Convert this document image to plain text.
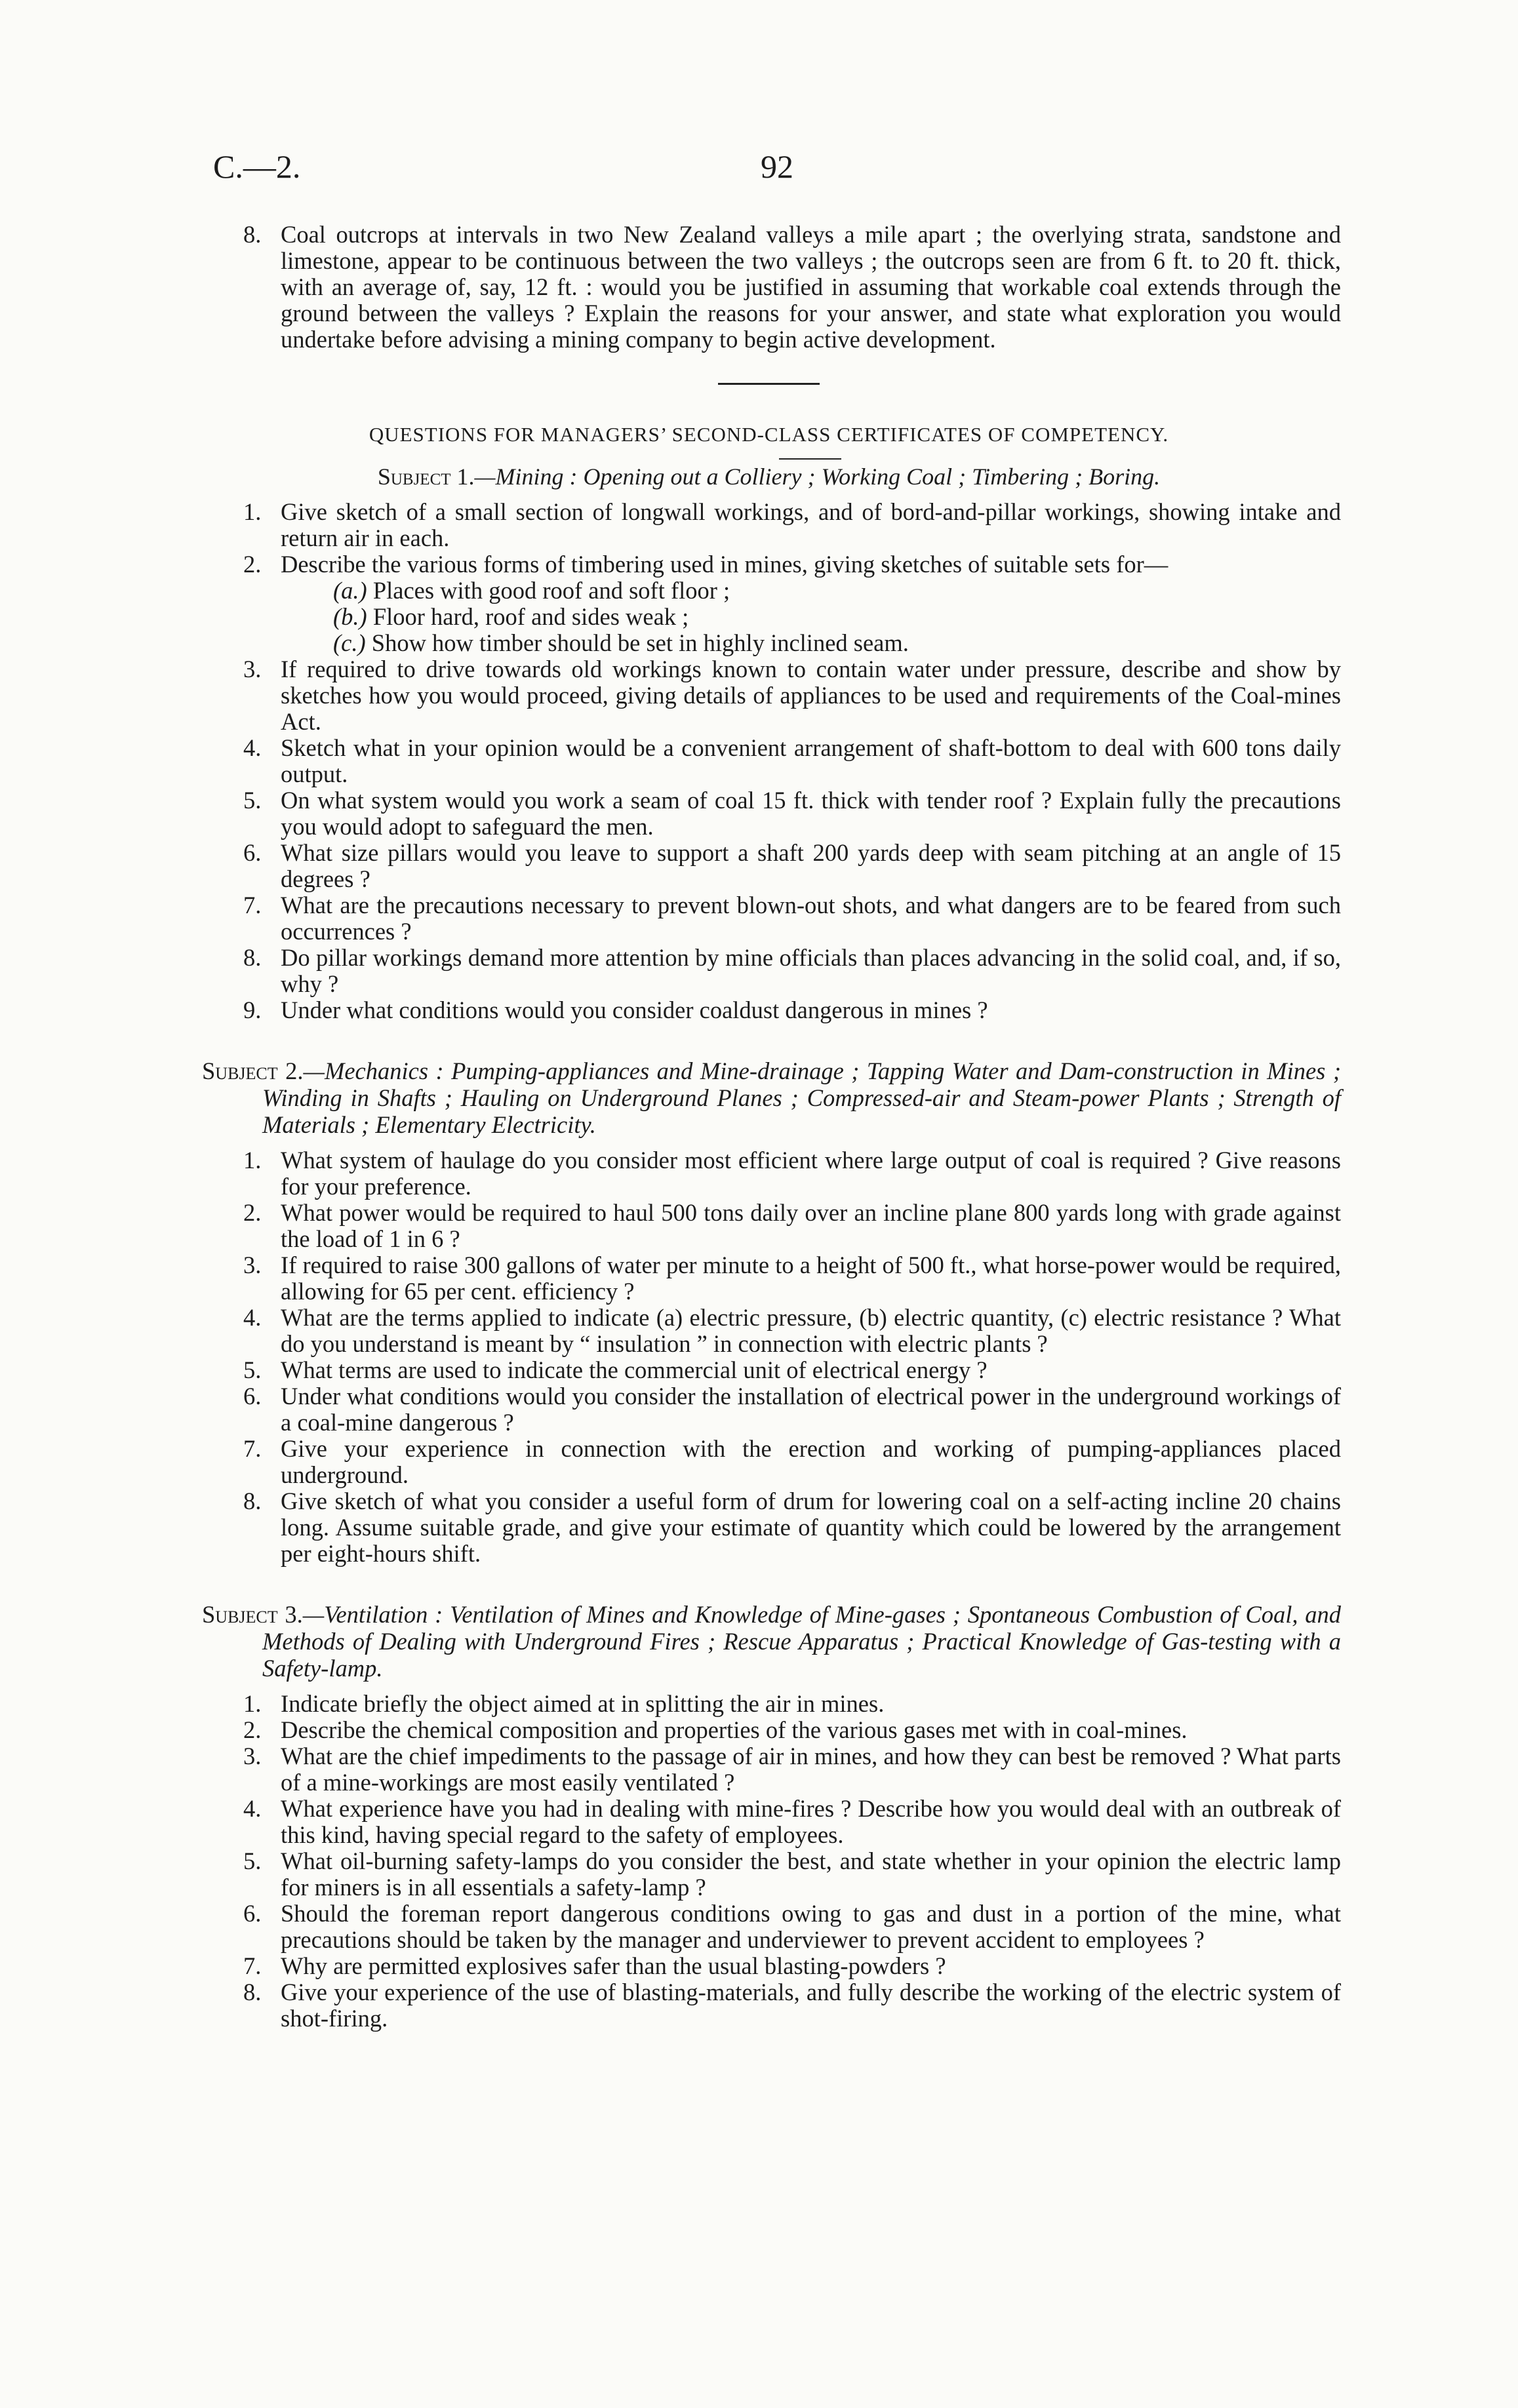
C.—2.	92

8. Coal outcrops at intervals in two New Zealand valleys a mile apart ; the overlying strata, sandstone and limestone, appear to be continuous between the two valleys ; the outcrops seen are from 6 ft. to 20 ft. thick, with an average of, say, 12 ft. : would you be justified in assuming that workable coal extends through the ground between the valleys ? Explain the reasons for your answer, and state what exploration you would undertake before advising a mining company to begin active development.

QUESTIONS FOR MANAGERS’ SECOND-CLASS CERTIFICATES OF COMPETENCY.

Subject 1.—Mining : Opening out a Colliery ; Working Coal ; Timbering ; Boring.

1. Give sketch of a small section of longwall workings, and of bord-and-pillar workings, showing intake and return air in each.

2. Describe the various forms of timbering used in mines, giving sketches of suitable sets for—

(a.) Places with good roof and soft floor ;

(b.) Floor hard, roof and sides weak ;

(c.) Show how timber should be set in highly inclined seam.

3. If required to drive towards old workings known to contain water under pressure, describe and show by sketches how you would proceed, giving details of appliances to be used and requirements of the Coal-mines Act.

4. Sketch what in your opinion would be a convenient arrangement of shaft-bottom to deal with 600 tons daily output.

5. On what system would you work a seam of coal 15 ft. thick with tender roof ? Explain fully the precautions you would adopt to safeguard the men.

6. What size pillars would you leave to support a shaft 200 yards deep with seam pitching at an angle of 15 degrees ?

7. What are the precautions necessary to prevent blown-out shots, and what dangers are to be feared from such occurrences ?

8. Do pillar workings demand more attention by mine officials than places advancing in the solid coal, and, if so, why ?

9. Under what conditions would you consider coaldust dangerous in mines ?

Subject 2.—Mechanics : Pumping-appliances and Mine-drainage ; Tapping Water and Dam-construction in Mines ; Winding in Shafts ; Hauling on Underground Planes ; Compressed-air and Steam-power Plants ; Strength of Materials ; Elementary Electricity.

1. What system of haulage do you consider most efficient where large output of coal is required ? Give reasons for your preference.

2. What power would be required to haul 500 tons daily over an incline plane 800 yards long with grade against the load of 1 in 6 ?

3. If required to raise 300 gallons of water per minute to a height of 500 ft., what horse-power would be required, allowing for 65 per cent. efficiency ?

4. What are the terms applied to indicate (a) electric pressure, (b) electric quantity, (c) electric resistance ? What do you understand is meant by “ insulation ” in connection with electric plants ?

5. What terms are used to indicate the commercial unit of electrical energy ?

6. Under what conditions would you consider the installation of electrical power in the underground workings of a coal-mine dangerous ?

7. Give your experience in connection with the erection and working of pumping-appliances placed underground.

8. Give sketch of what you consider a useful form of drum for lowering coal on a self-acting incline 20 chains long. Assume suitable grade, and give your estimate of quantity which could be lowered by the arrangement per eight-hours shift.

Subject 3.—Ventilation : Ventilation of Mines and Knowledge of Mine-gases ; Spontaneous Combustion of Coal, and Methods of Dealing with Underground Fires ; Rescue Apparatus ; Practical Knowledge of Gas-testing with a Safety-lamp.

1. Indicate briefly the object aimed at in splitting the air in mines.

2. Describe the chemical composition and properties of the various gases met with in coal-mines.

3. What are the chief impediments to the passage of air in mines, and how they can best be removed ? What parts of a mine-workings are most easily ventilated ?

4. What experience have you had in dealing with mine-fires ? Describe how you would deal with an outbreak of this kind, having special regard to the safety of employees.

5. What oil-burning safety-lamps do you consider the best, and state whether in your opinion the electric lamp for miners is in all essentials a safety-lamp ?

6. Should the foreman report dangerous conditions owing to gas and dust in a portion of the mine, what precautions should be taken by the manager and underviewer to prevent accident to employees ?

7. Why are permitted explosives safer than the usual blasting-powders ?

8. Give your experience of the use of blasting-materials, and fully describe the working of the electric system of shot-firing.
